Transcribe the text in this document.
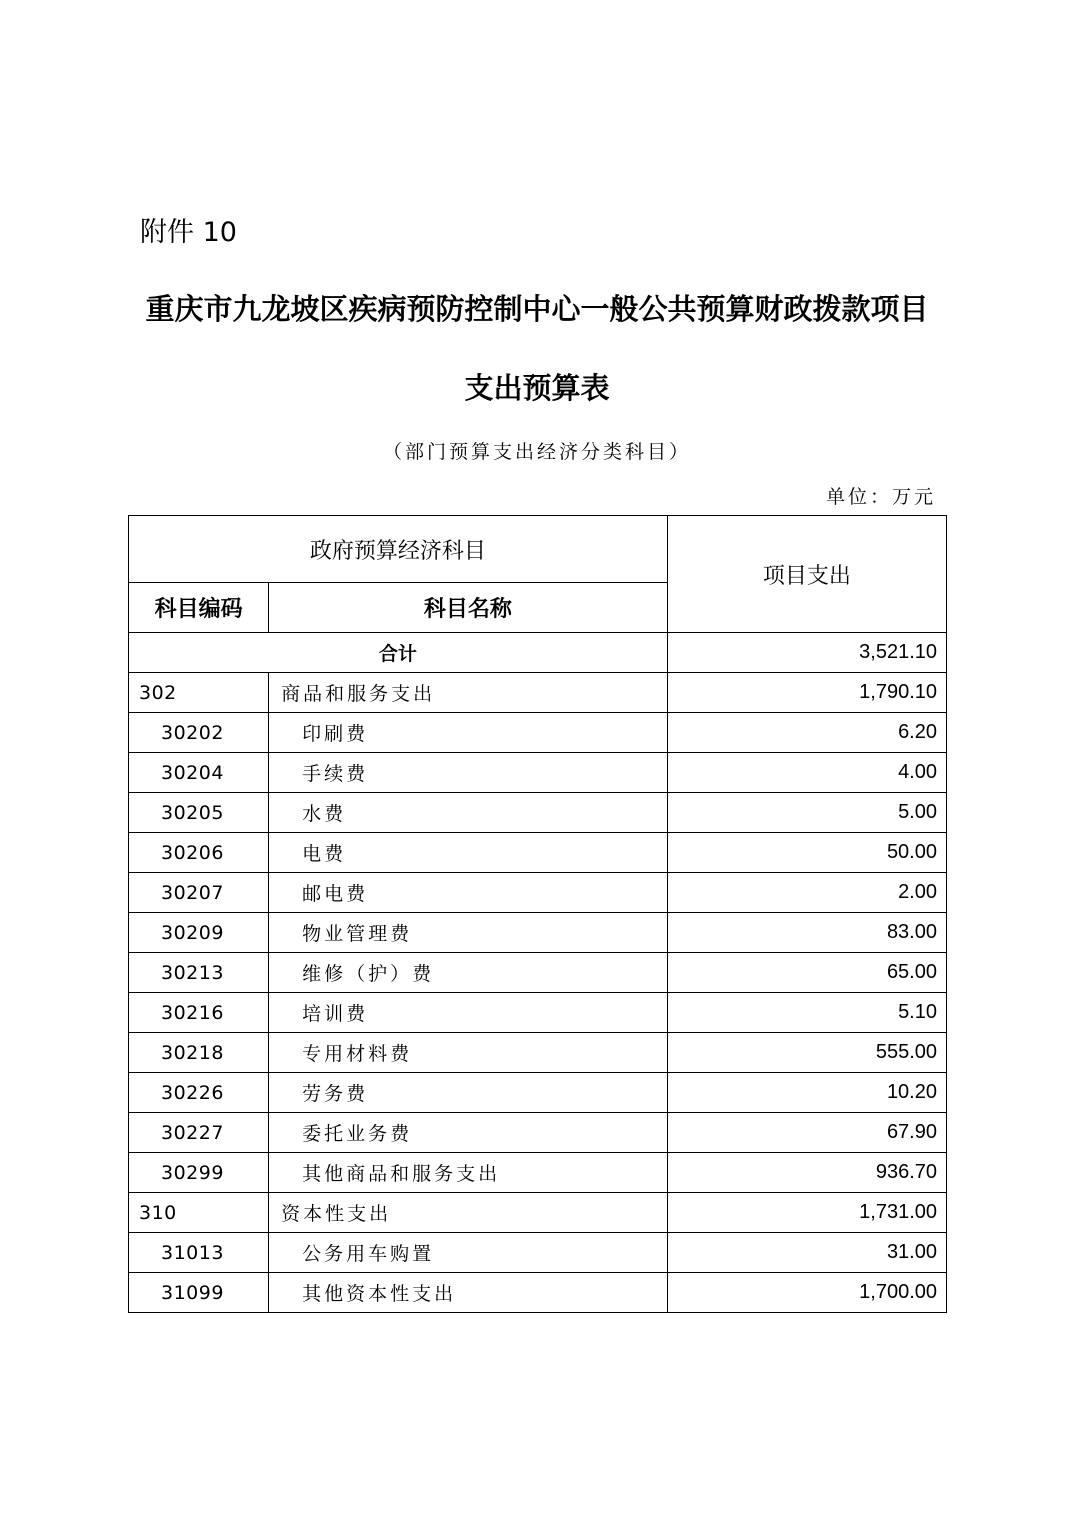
附件 10
重庆市九龙坡区疾病预防控制中心一般公共预算财政拨款项目
支出预算表
（部门预算支出经济分类科目）
单位：万元
政府预算经济科目		项目支出
科目编码	科目名称	
合计		3,521.10
302	商品和服务支出	1,790.10
30202	印刷费	6.20
30204	手续费	4.00
30205	水费	5.00
30206	电费	50.00
30207	邮电费	2.00
30209	物业管理费	83.00
30213	维修（护）费	65.00
30216	培训费	5.10
30218	专用材料费	555.00
30226	劳务费	10.20
30227	委托业务费	67.90
30299	其他商品和服务支出	936.70
310	资本性支出	1,731.00
31013	公务用车购置	31.00
31099	其他资本性支出	1,700.00
